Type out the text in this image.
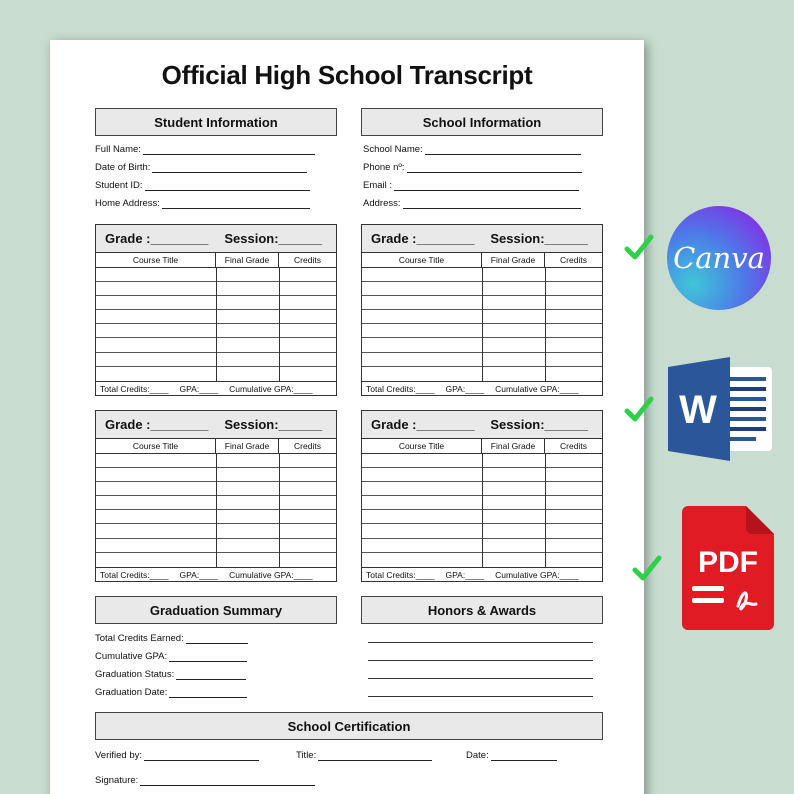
Official High School Transcript
Student Information
Full Name:
Date of Birth:
Student ID:
Home Address:
School Information
School Name:
Phone nº:
Email :
Address:
Grade :________ Session:______
Course Title	Final Grade	Credits
Total Credits:____ GPA:____ Cumulative GPA:____
Grade :________ Session:______
Course Title	Final Grade	Credits
Total Credits:____ GPA:____ Cumulative GPA:____
Grade :________ Session:______
Course Title	Final Grade	Credits
Total Credits:____ GPA:____ Cumulative GPA:____
Grade :________ Session:______
Course Title	Final Grade	Credits
Total Credits:____ GPA:____ Cumulative GPA:____
Graduation Summary
Total Credits Earned:
Cumulative GPA:
Graduation Status:
Graduation Date:
Honors & Awards
School Certification
Verified by:	Title:	Date:
Signature:
Canva
W
PDF
